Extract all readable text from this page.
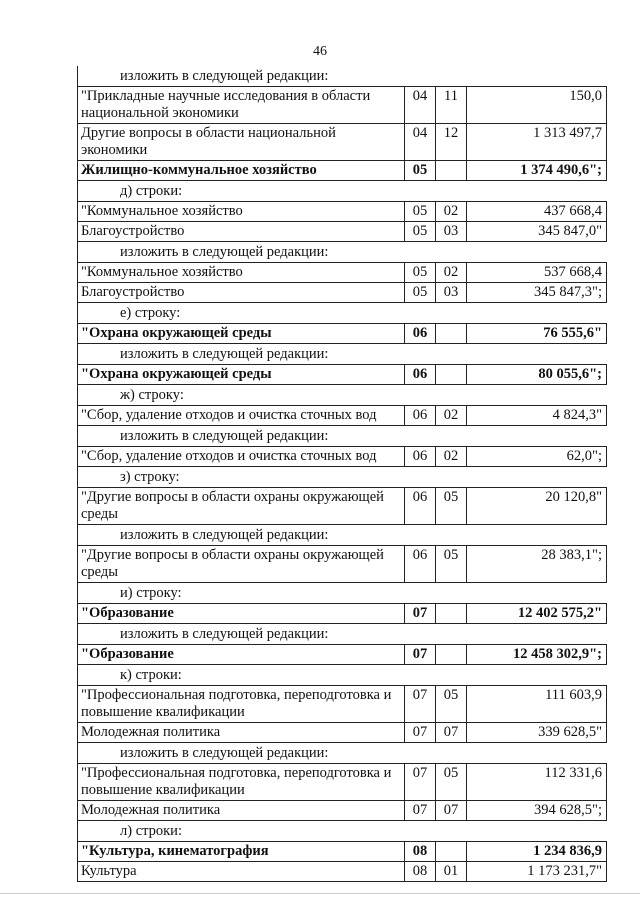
46
изложить в следующей редакции:
"Прикладные научные исследования в области национальной экономики	04	11	150,0
Другие вопросы в области национальной экономики	04	12	1 313 497,7
Жилищно-коммунальное хозяйство	05		1 374 490,6";
д) строки:
"Коммунальное хозяйство	05	02	437 668,4
Благоустройство	05	03	345 847,0"
изложить в следующей редакции:
"Коммунальное хозяйство	05	02	537 668,4
Благоустройство	05	03	345 847,3";
е) строку:
"Охрана окружающей среды	06		76 555,6"
изложить в следующей редакции:
"Охрана окружающей среды	06		80 055,6";
ж) строку:
"Сбор, удаление отходов и очистка сточных вод	06	02	4 824,3"
изложить в следующей редакции:
"Сбор, удаление отходов и очистка сточных вод	06	02	62,0";
з) строку:
"Другие вопросы в области охраны окружающей среды	06	05	20 120,8"
изложить в следующей редакции:
"Другие вопросы в области охраны окружающей среды	06	05	28 383,1";
и) строку:
"Образование	07		12 402 575,2"
изложить в следующей редакции:
"Образование	07		12 458 302,9";
к) строки:
"Профессиональная подготовка, переподготовка и повышение квалификации	07	05	111 603,9
Молодежная политика	07	07	339 628,5"
изложить в следующей редакции:
"Профессиональная подготовка, переподготовка и повышение квалификации	07	05	112 331,6
Молодежная политика	07	07	394 628,5";
л) строки:
"Культура, кинематография	08		1 234 836,9
Культура	08	01	1 173 231,7"
